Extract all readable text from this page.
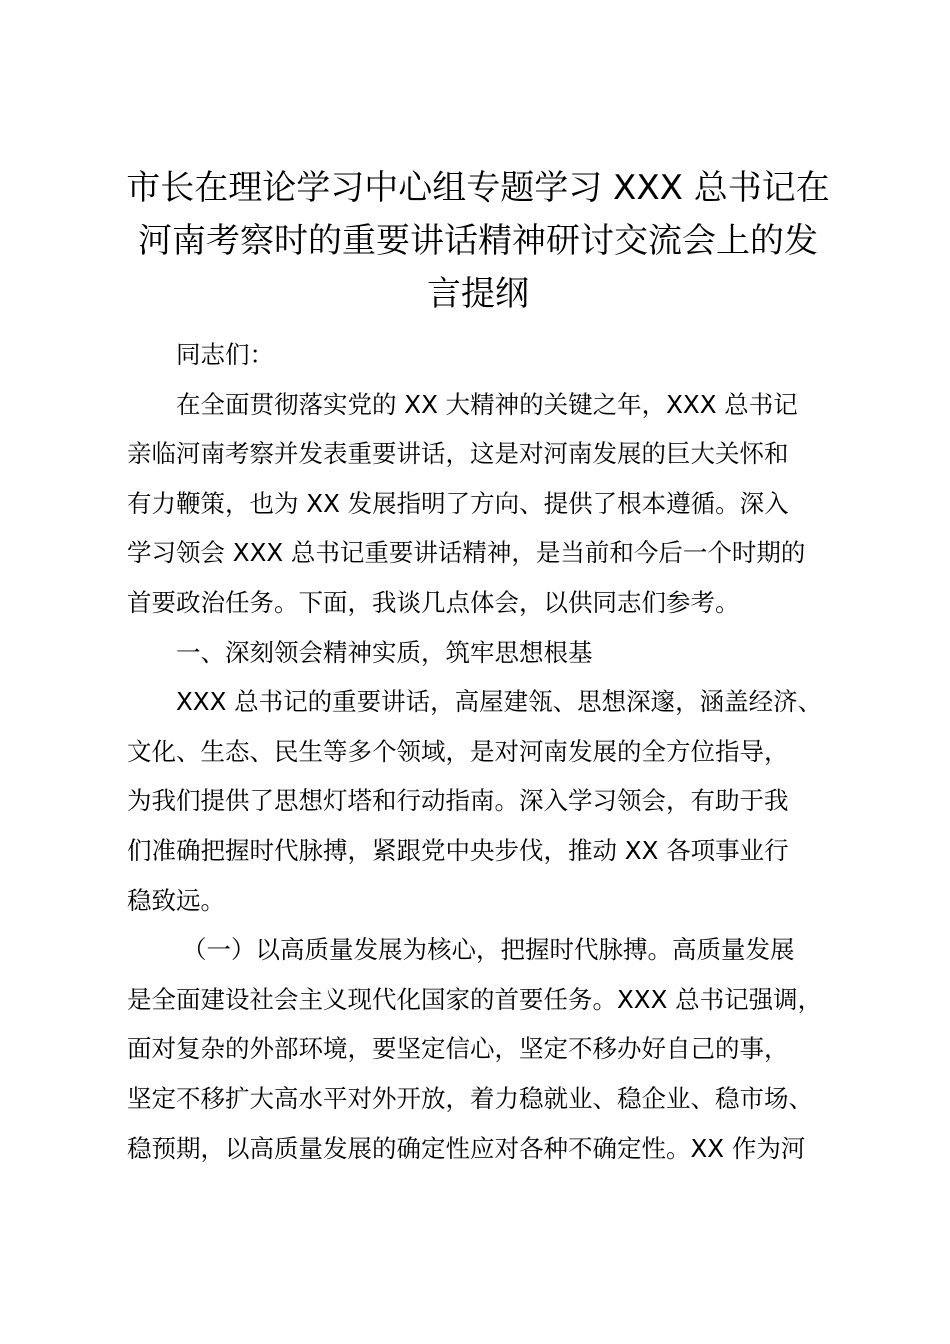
市长在理论学习中心组专题学习 XXX 总书记在
河南考察时的重要讲话精神研讨交流会上的发
言提纲
同志们：
在全面贯彻落实党的 XX 大精神的关键之年，XXX 总书记
亲临河南考察并发表重要讲话，这是对河南发展的巨大关怀和
有力鞭策，也为 XX 发展指明了方向、提供了根本遵循。深入
学习领会 XXX 总书记重要讲话精神，是当前和今后一个时期的
首要政治任务。下面，我谈几点体会，以供同志们参考。
一、深刻领会精神实质，筑牢思想根基
XXX 总书记的重要讲话，高屋建瓴、思想深邃，涵盖经济、
文化、生态、民生等多个领域，是对河南发展的全方位指导，
为我们提供了思想灯塔和行动指南。深入学习领会，有助于我
们准确把握时代脉搏，紧跟党中央步伐，推动 XX 各项事业行
稳致远。
（一）以高质量发展为核心，把握时代脉搏。高质量发展
是全面建设社会主义现代化国家的首要任务。XXX 总书记强调，
面对复杂的外部环境，要坚定信心，坚定不移办好自己的事，
坚定不移扩大高水平对外开放，着力稳就业、稳企业、稳市场、
稳预期，以高质量发展的确定性应对各种不确定性。XX 作为河
